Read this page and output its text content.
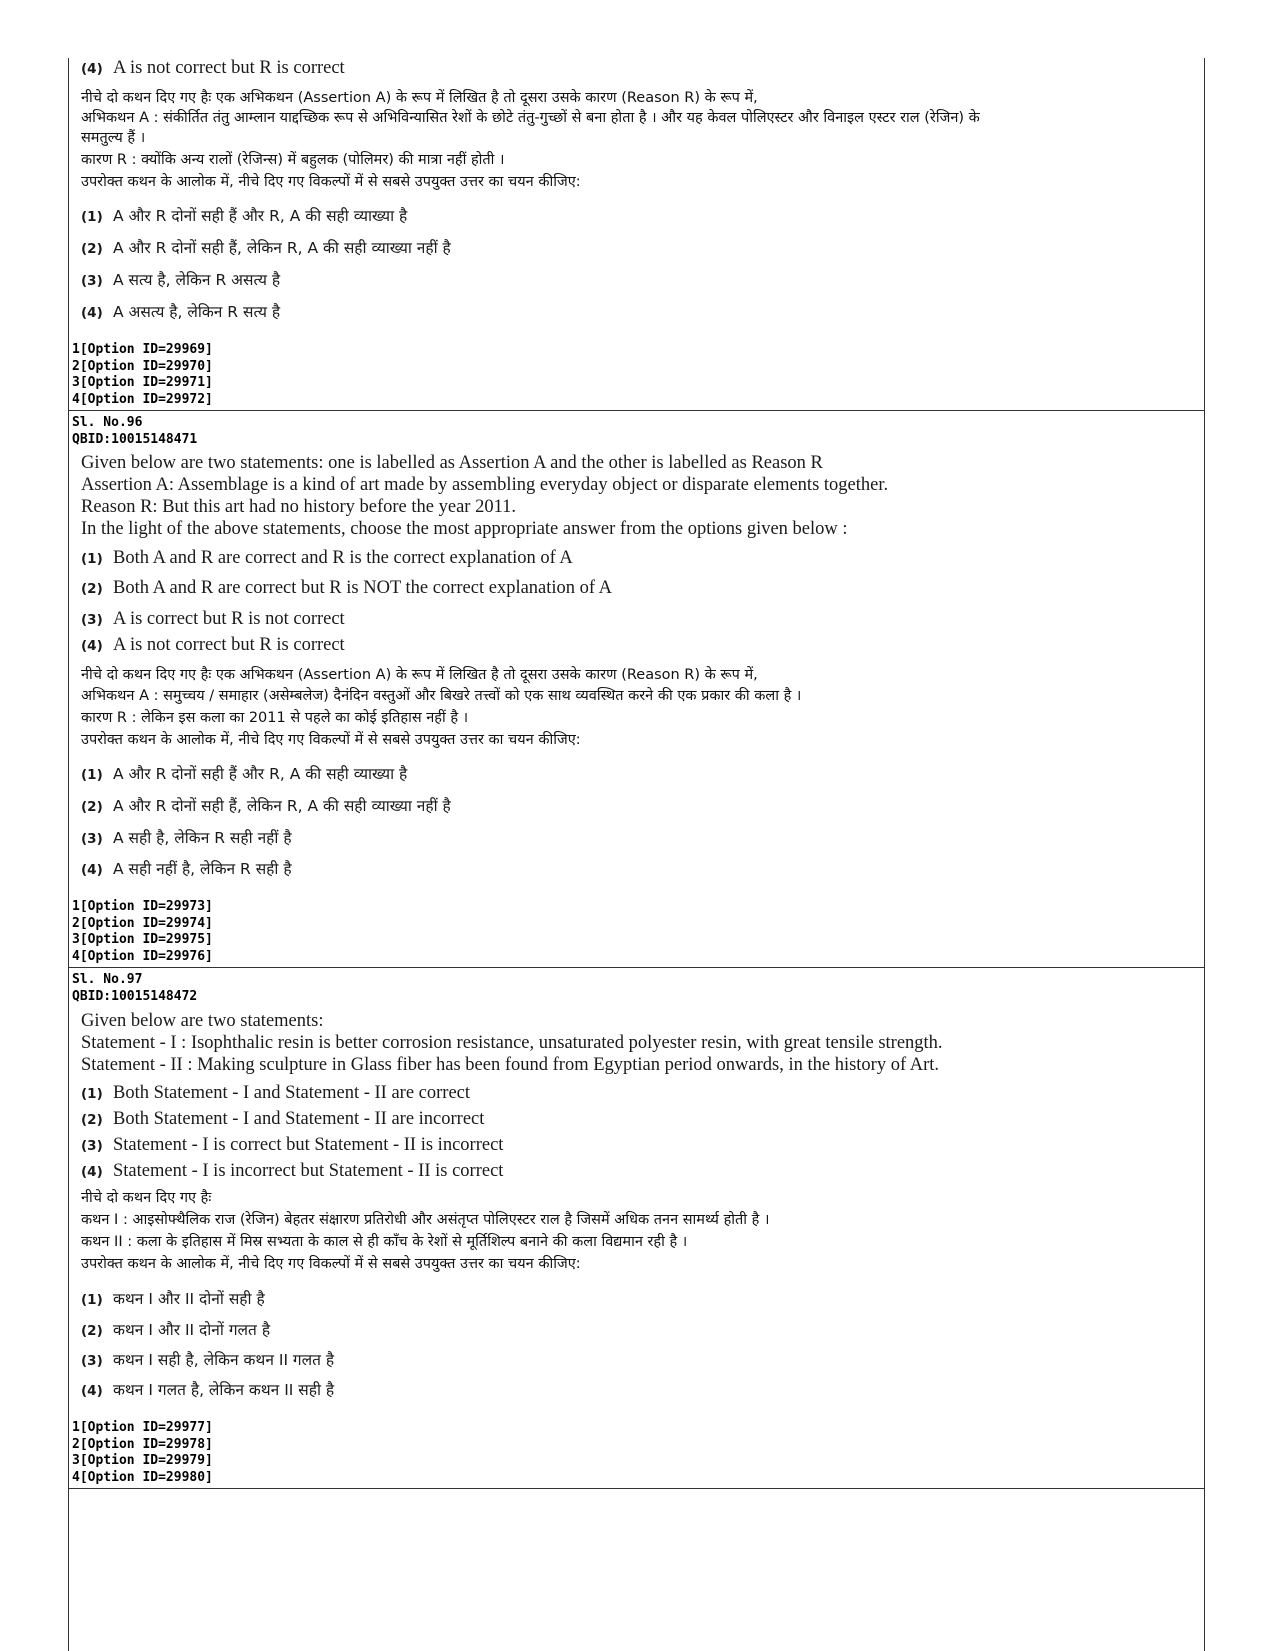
(4) A is not correct but R is correct
नीचे दो कथन दिए गए हैः एक अभिकथन (Assertion A) के रूप में लिखित है तो दूसरा उसके कारण (Reason R) के रूप में,
अभिकथन A : संकीर्तित तंतु आम्लान याद्दच्छिक रूप से अभिविन्यासित रेशों के छोटे तंतु-गुच्छों से बना होता है । और यह केवल पोलिएस्टर और विनाइल एस्टर राल (रेजिन) के
समतुल्य हैं ।
कारण R : क्योंकि अन्य रालों (रेजिन्स) में बहुलक (पोलिमर) की मात्रा नहीं होती ।
उपरोक्त कथन के आलोक में, नीचे दिए गए विकल्पों में से सबसे उपयुक्त उत्तर का चयन कीजिए:
(1) A और R दोनों सही हैं और R, A की सही व्याख्या है
(2) A और R दोनों सही हैं, लेकिन R, A की सही व्याख्या नहीं है
(3) A सत्य है, लेकिन R असत्य है
(4) A असत्य है, लेकिन R सत्य है
1[Option ID=29969]
2[Option ID=29970]
3[Option ID=29971]
4[Option ID=29972]
Sl. No.96
QBID:10015148471
Given below are two statements: one is labelled as Assertion A and the other is labelled as Reason R
Assertion A: Assemblage is a kind of art made by assembling everyday object or disparate elements together.
Reason R: But this art had no history before the year 2011.
In the light of the above statements, choose the most appropriate answer from the options given below :
(1) Both A and R are correct and R is the correct explanation of A
(2) Both A and R are correct but R is NOT the correct explanation of A
(3) A is correct but R is not correct
(4) A is not correct but R is correct
नीचे दो कथन दिए गए हैः एक अभिकथन (Assertion A) के रूप में लिखित है तो दूसरा उसके कारण (Reason R) के रूप में,
अभिकथन A : समुच्चय / समाहार (असेम्बलेज) दैनंदिन वस्तुओं और बिखरे तत्त्वों को एक साथ व्यवस्थित करने की एक प्रकार की कला है ।
कारण R : लेकिन इस कला का 2011 से पहले का कोई इतिहास नहीं है ।
उपरोक्त कथन के आलोक में, नीचे दिए गए विकल्पों में से सबसे उपयुक्त उत्तर का चयन कीजिए:
(1) A और R दोनों सही हैं और R, A की सही व्याख्या है
(2) A और R दोनों सही हैं, लेकिन R, A की सही व्याख्या नहीं है
(3) A सही है, लेकिन R सही नहीं है
(4) A सही नहीं है, लेकिन R सही है
1[Option ID=29973]
2[Option ID=29974]
3[Option ID=29975]
4[Option ID=29976]
Sl. No.97
QBID:10015148472
Given below are two statements:
Statement - I : Isophthalic resin is better corrosion resistance, unsaturated polyester resin, with great tensile strength.
Statement - II : Making sculpture in Glass fiber has been found from Egyptian period onwards, in the history of Art.
(1) Both Statement - I and Statement - II are correct
(2) Both Statement - I and Statement - II are incorrect
(3) Statement - I is correct but Statement - II is incorrect
(4) Statement - I is incorrect but Statement - II is correct
नीचे दो कथन दिए गए हैः
कथन I : आइसोफ्थैलिक राज (रेजिन) बेहतर संक्षारण प्रतिरोधी और असंतृप्त पोलिएस्टर राल है जिसमें अधिक तनन सामर्थ्य होती है ।
कथन II : कला के इतिहास में मिस्र सभ्यता के काल से ही काँच के रेशों से मूर्तिशिल्प बनाने की कला विद्यमान रही है ।
उपरोक्त कथन के आलोक में, नीचे दिए गए विकल्पों में से सबसे उपयुक्त उत्तर का चयन कीजिए:
(1) कथन I और II दोनों सही है
(2) कथन I और II दोनों गलत है
(3) कथन I सही है, लेकिन कथन II गलत है
(4) कथन I गलत है, लेकिन कथन II सही है
1[Option ID=29977]
2[Option ID=29978]
3[Option ID=29979]
4[Option ID=29980]
